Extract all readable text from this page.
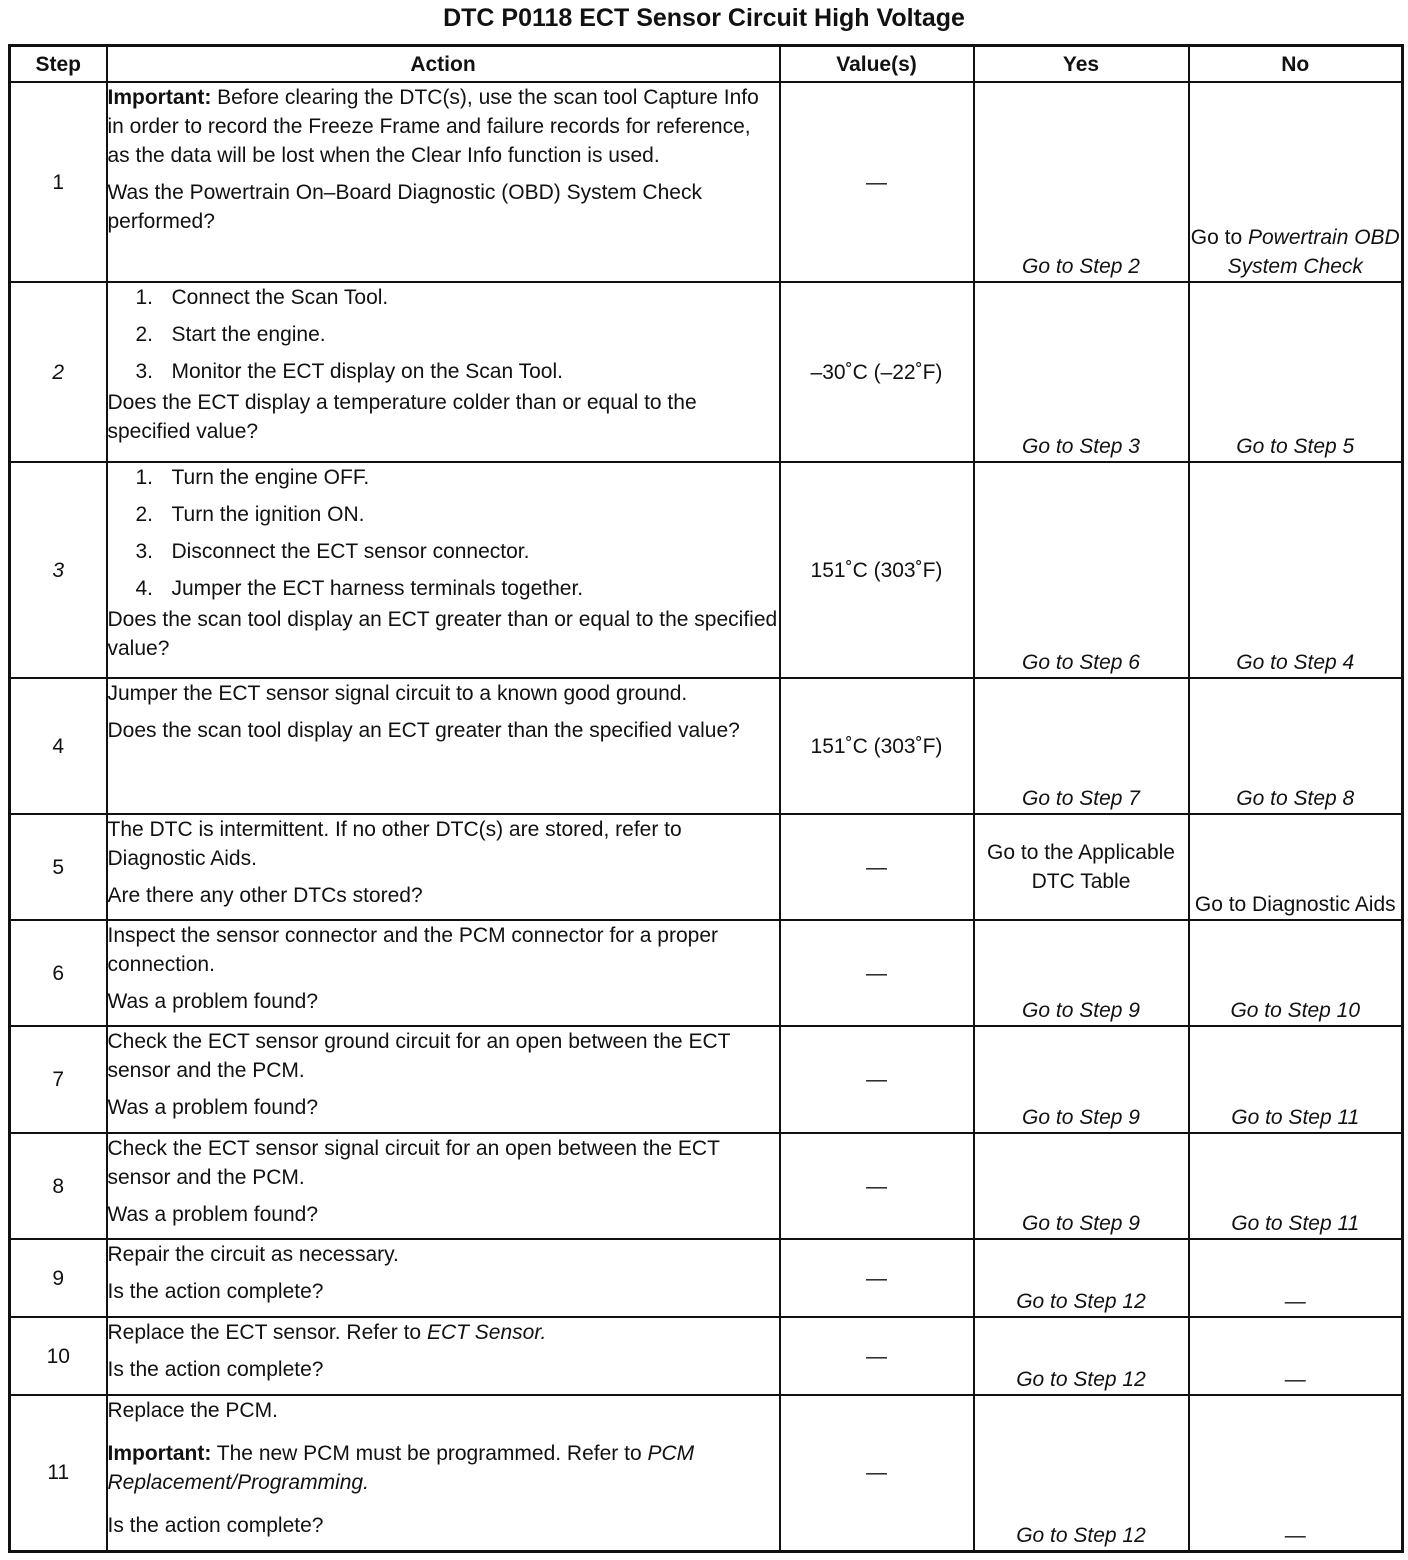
DTC P0118 ECT Sensor Circuit High Voltage
Step	Action	Value(s)	Yes	No
1	Important: Before clearing the DTC(s), use the scan tool Capture Info in order to record the Freeze Frame and failure records for reference, as the data will be lost when the Clear Info function is used.

Was the Powertrain On–Board Diagnostic (OBD) System Check performed?	—	Go to Step 2	Go to Powertrain OBD System Check
2	1. Connect the Scan Tool.

2. Start the engine.

3. Monitor the ECT display on the Scan Tool.

Does the ECT display a temperature colder than or equal to the specified value?	–30˚C (–22˚F)	Go to Step 3	Go to Step 5
3	1. Turn the engine OFF.

2. Turn the ignition ON.

3. Disconnect the ECT sensor connector.

4. Jumper the ECT harness terminals together.

Does the scan tool display an ECT greater than or equal to the specified value?	151˚C (303˚F)	Go to Step 6	Go to Step 4
4	Jumper the ECT sensor signal circuit to a known good ground.

Does the scan tool display an ECT greater than the specified value?	151˚C (303˚F)	Go to Step 7	Go to Step 8
5	The DTC is intermittent. If no other DTC(s) are stored, refer to Diagnostic Aids.

Are there any other DTCs stored?	—	Go to the Applicable DTC Table	Go to Diagnostic Aids
6	Inspect the sensor connector and the PCM connector for a proper connection.

Was a problem found?	—	Go to Step 9	Go to Step 10
7	Check the ECT sensor ground circuit for an open between the ECT sensor and the PCM.

Was a problem found?	—	Go to Step 9	Go to Step 11
8	Check the ECT sensor signal circuit for an open between the ECT sensor and the PCM.

Was a problem found?	—	Go to Step 9	Go to Step 11
9	Repair the circuit as necessary.

Is the action complete?	—	Go to Step 12	—
10	Replace the ECT sensor. Refer to ECT Sensor.

Is the action complete?	—	Go to Step 12	—
11	Replace the PCM.

Important: The new PCM must be programmed. Refer to PCM Replacement/Programming.

Is the action complete?	—	Go to Step 12	—
